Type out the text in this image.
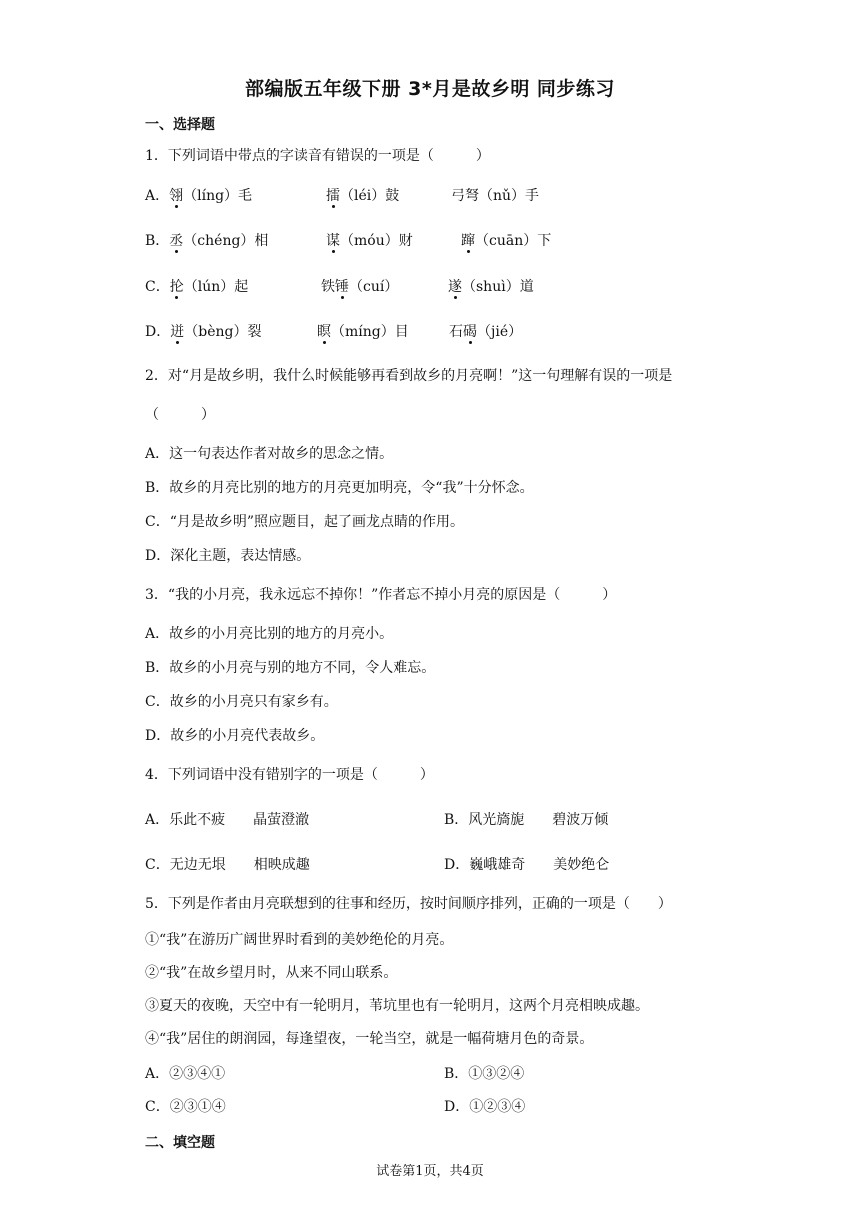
部编版五年级下册 3*月是故乡明 同步练习
一、选择题
1．下列词语中带点的字读音有错误的一项是（　　　）
A．翎（líng）毛	擂（léi）鼓	弓弩（nǔ）手
B．丞（chéng）相	谋（móu）财	蹿（cuān）下
C．抡（lún）起	铁锤（cuí）	遂（shuì）道
D．迸（bèng）裂	瞑（míng）目	石碣（jié）
2．对“月是故乡明，我什么时候能够再看到故乡的月亮啊！”这一句理解有误的一项是
（　　　）
A．这一句表达作者对故乡的思念之情。
B．故乡的月亮比别的地方的月亮更加明亮，令“我”十分怀念。
C．“月是故乡明”照应题目，起了画龙点睛的作用。
D．深化主题，表达情感。
3．“我的小月亮，我永远忘不掉你！”作者忘不掉小月亮的原因是（　　　）
A．故乡的小月亮比别的地方的月亮小。
B．故乡的小月亮与别的地方不同，令人难忘。
C．故乡的小月亮只有家乡有。
D．故乡的小月亮代表故乡。
4．下列词语中没有错别字的一项是（　　　）
A．乐此不疲　　晶萤澄澈	B．风光旖旎　　碧波万倾
C．无边无垠　　相映成趣	D．巍峨雄奇　　美妙绝仑
5．下列是作者由月亮联想到的往事和经历，按时间顺序排列，正确的一项是（　　）
①“我”在游历广阔世界时看到的美妙绝伦的月亮。
②“我”在故乡望月时，从来不同山联系。
③夏天的夜晚，天空中有一轮明月，苇坑里也有一轮明月，这两个月亮相映成趣。
④“我”居住的朗润园，每逢望夜，一轮当空，就是一幅荷塘月色的奇景。
A．②③④①	B．①③②④
C．②③①④	D．①②③④
二、填空题
试卷第1页，共4页
